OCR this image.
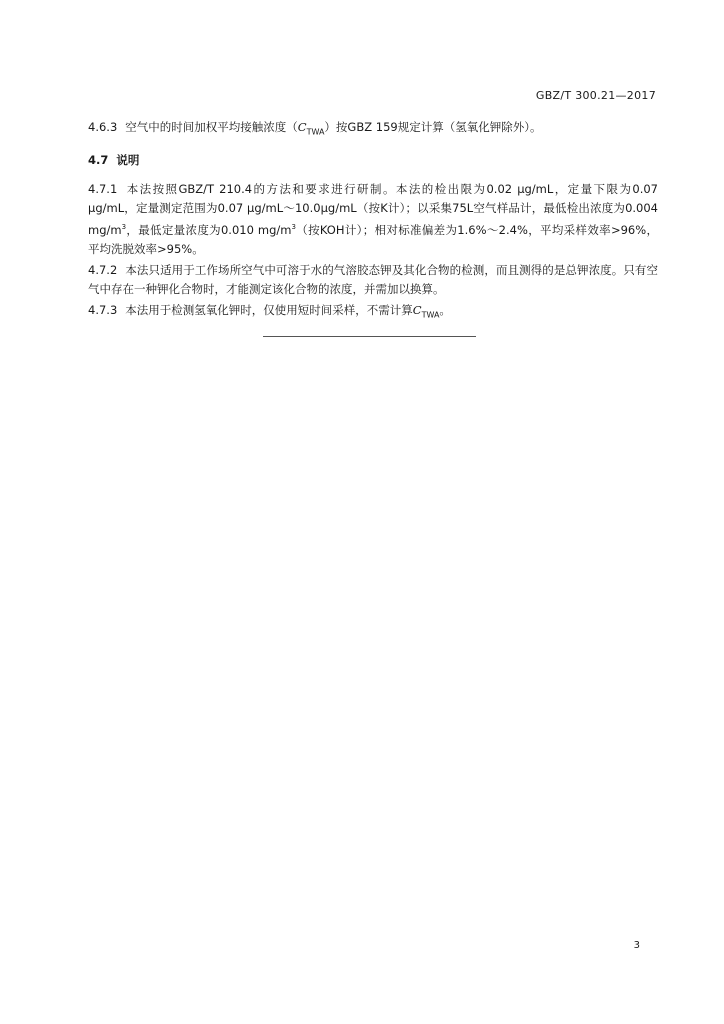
GBZ/T 300.21—2017

4.6.3 空气中的时间加权平均接触浓度$(C_{TWA})$按GBZ 159规定计算（氢氧化钾除外）。

4.7 说明

4.7.1 本法按照GBZ/T 210.4的方法和要求进行研制。本法的检出限为0.02 μg/mL，定量下限为0.07 μg/mL，定量测定范围为0.07 μg/mL～10.0μg/mL（按K计）；以采集75L空气样品计，最低检出浓度为0.004 $mg/m^3$，最低定量浓度为0.010 $mg/m^3$（按KOH计）；相对标准偏差为1.6%～2.4%，平均采样效率>96%，平均洗脱效率>95%。

4.7.2 本法只适用于工作场所空气中可溶于水的气溶胶态钾及其化合物的检测，而且测得的是总钾浓度。只有空气中存在一种钾化合物时，才能测定该化合物的浓度，并需加以换算。

4.7.3 本法用于检测氢氧化钾时，仅使用短时间采样，不需计算$C_{TWA}$。

3
